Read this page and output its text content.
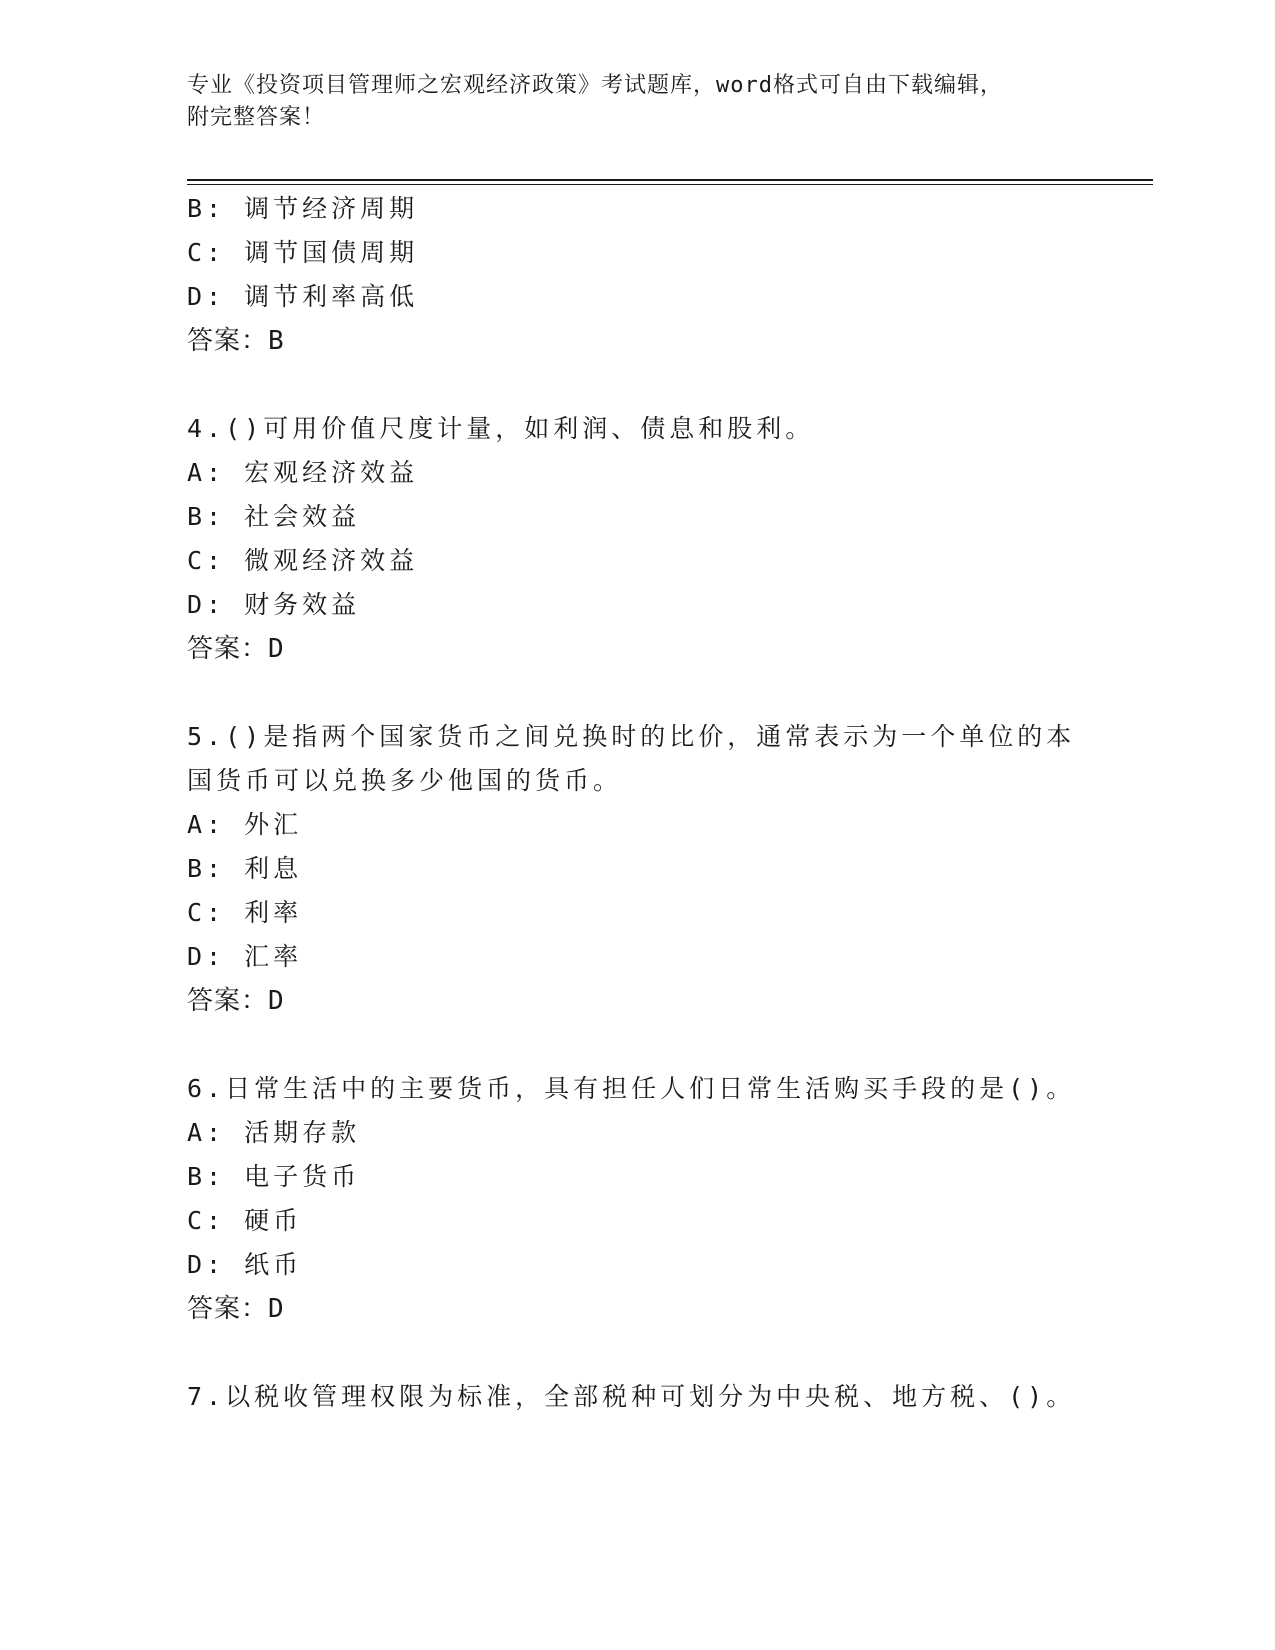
专业《投资项目管理师之宏观经济政策》考试题库，word格式可自由下载编辑，
附完整答案！
B: 调节经济周期
C: 调节国债周期
D: 调节利率高低
答案：B
4.()可用价值尺度计量，如利润、债息和股利。
A: 宏观经济效益
B: 社会效益
C: 微观经济效益
D: 财务效益
答案：D
5.()是指两个国家货币之间兑换时的比价，通常表示为一个单位的本
国货币可以兑换多少他国的货币。
A: 外汇
B: 利息
C: 利率
D: 汇率
答案：D
6.日常生活中的主要货币，具有担任人们日常生活购买手段的是()。
A: 活期存款
B: 电子货币
C: 硬币
D: 纸币
答案：D
7.以税收管理权限为标准，全部税种可划分为中央税、地方税、()。
